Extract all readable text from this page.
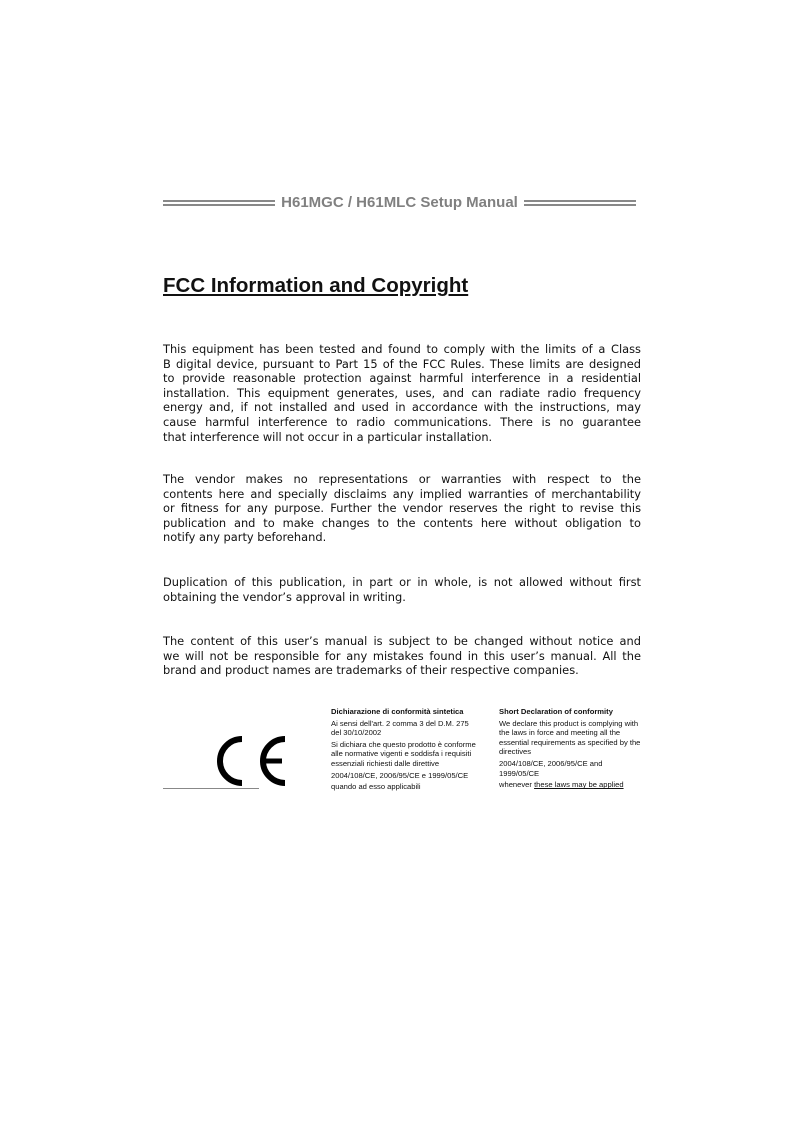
H61MGC / H61MLC Setup Manual
FCC Information and Copyright
This equipment has been tested and found to comply with the limits of a Class
B digital device, pursuant to Part 15 of the FCC Rules. These limits are designed
to provide reasonable protection against harmful interference in a residential
installation. This equipment generates, uses, and can radiate radio frequency
energy and, if not installed and used in accordance with the instructions, may
cause harmful interference to radio communications. There is no guarantee
that interference will not occur in a particular installation.
The vendor makes no representations or warranties with respect to the
contents here and specially disclaims any implied warranties of merchantability
or fitness for any purpose. Further the vendor reserves the right to revise this
publication and to make changes to the contents here without obligation to
notify any party beforehand.
Duplication of this publication, in part or in whole, is not allowed without first
obtaining the vendor’s approval in writing.
The content of this user’s manual is subject to be changed without notice and
we will not be responsible for any mistakes found in this user’s manual. All the
brand and product names are trademarks of their respective companies.

Dichiarazione di conformità sintetica

Ai sensi dell'art. 2 comma 3 del D.M. 275 del 30/10/2002

Si dichiara che questo prodotto è conforme alle normative vigenti e soddisfa i requisiti essenziali richiesti dalle direttive

2004/108/CE, 2006/95/CE e 1999/05/CE

quando ad esso applicabili

Short Declaration of conformity

We declare this product is complying with the laws in force and meeting all the essential requirements as specified by the directives

2004/108/CE, 2006/95/CE and 1999/05/CE

whenever these laws may be applied
